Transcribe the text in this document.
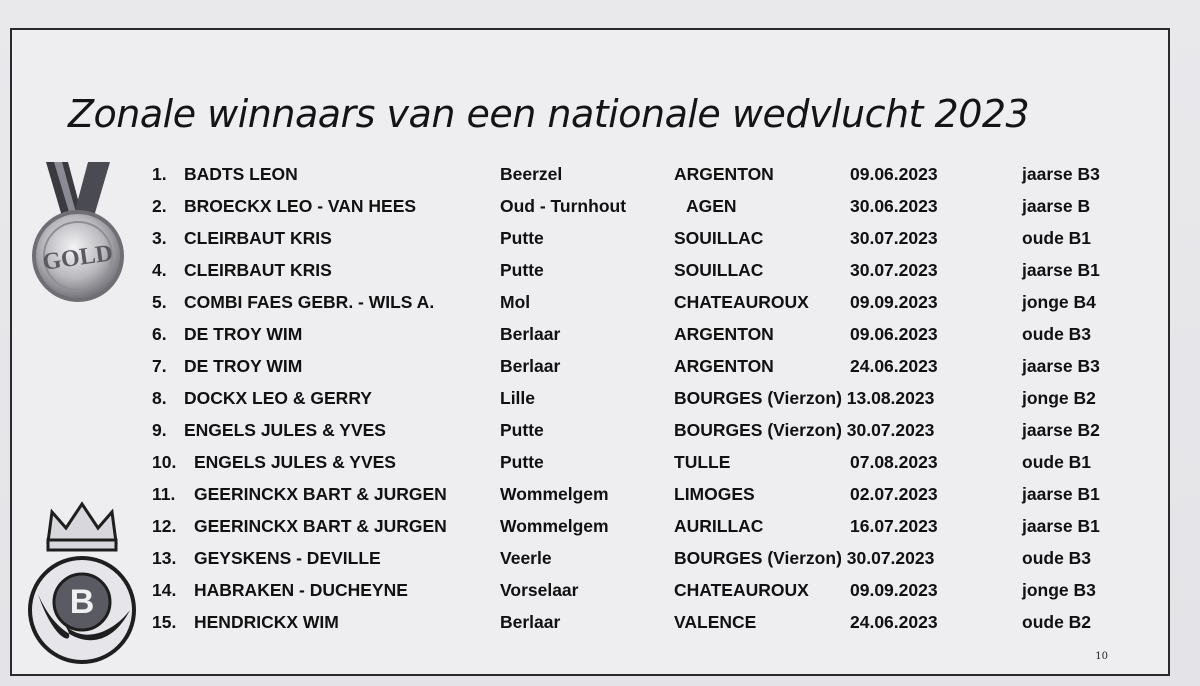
Zonale winnaars van een nationale wedvlucht 2023
GOLD
B
1. BADTS LEON	Beerzel	ARGENTON	09.06.2023	jaarse B3
2. BROECKX LEO - VAN HEES	Oud - Turnhout	AGEN	30.06.2023	jaarse B
3. CLEIRBAUT KRIS	Putte	SOUILLAC	30.07.2023	oude B1
4. CLEIRBAUT KRIS	Putte	SOUILLAC	30.07.2023	jaarse B1
5. COMBI FAES GEBR. - WILS A.	Mol	CHATEAUROUX 09.09.2023	jonge B4
6. DE TROY WIM	Berlaar	ARGENTON	09.06.2023	oude B3
7. DE TROY WIM	Berlaar	ARGENTON	24.06.2023	jaarse B3
8. DOCKX LEO & GERRY	Lille	BOURGES (Vierzon) 13.08.2023	jonge B2
9. ENGELS JULES & YVES	Putte	BOURGES (Vierzon) 30.07.2023	jaarse B2
10. ENGELS JULES & YVES	Putte	TULLE	07.08.2023	oude B1
11. GEERINCKX BART & JURGEN	Wommelgem	LIMOGES	02.07.2023	jaarse B1
12. GEERINCKX BART & JURGEN	Wommelgem	AURILLAC	16.07.2023	jaarse B1
13. GEYSKENS - DEVILLE	Veerle	BOURGES (Vierzon) 30.07.2023	oude B3
14. HABRAKEN - DUCHEYNE	Vorselaar	CHATEAUROUX 09.09.2023	jonge B3
15. HENDRICKX WIM	Berlaar	VALENCE	24.06.2023	oude B2
10
